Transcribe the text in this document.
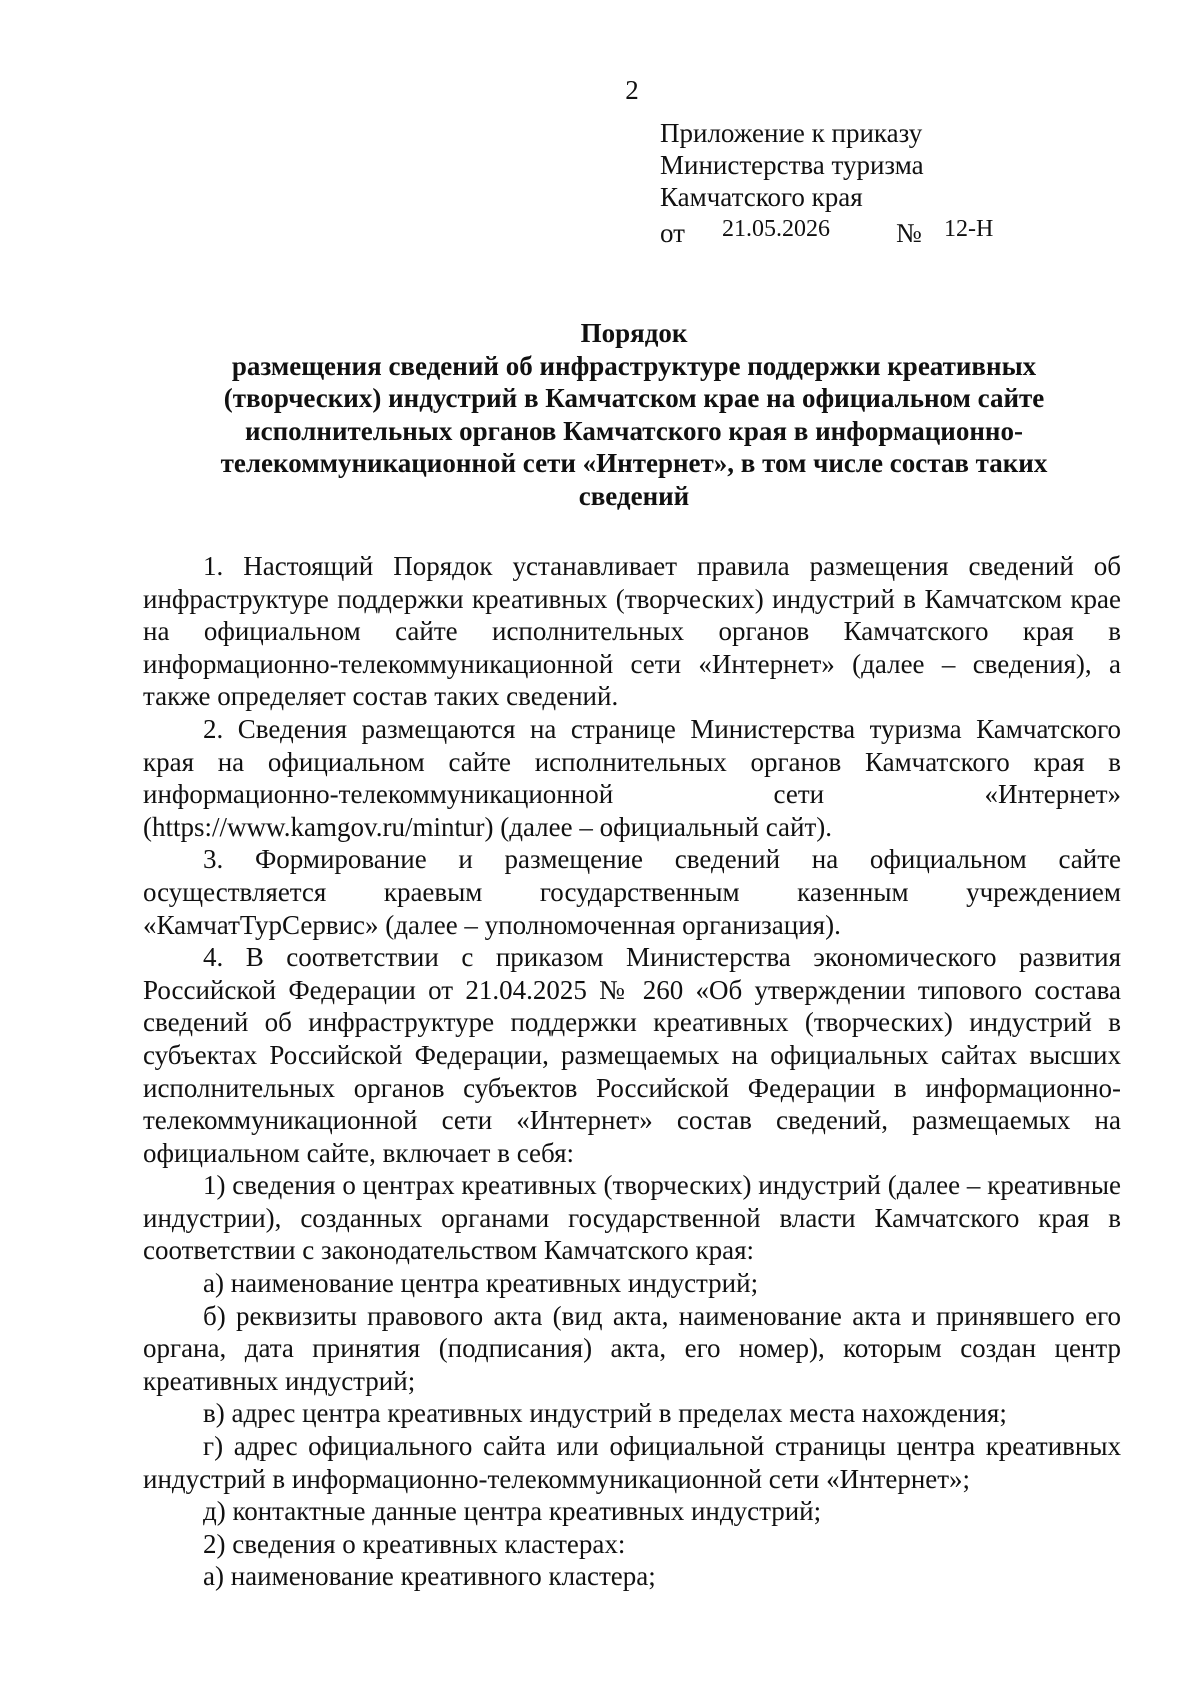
2
Приложение к приказу
Министерства туризма
Камчатского края
от 21.05.2026 № 12-Н
Порядок
размещения сведений об инфраструктуре поддержки креативных
(творческих) индустрий в Камчатском крае на официальном сайте
исполнительных органов Камчатского края в информационно-
телекоммуникационной сети «Интернет», в том числе состав таких
сведений

1. Настоящий Порядок устанавливает правила размещения сведений об инфраструктуре поддержки креативных (творческих) индустрий в Камчатском крае на официальном сайте исполнительных органов Камчатского края в информационно-телекоммуникационной сети «Интернет» (далее – сведения), а также определяет состав таких сведений.

2. Сведения размещаются на странице Министерства туризма Камчатского края на официальном сайте исполнительных органов Камчатского края в информационно-телекоммуникационной сети «Интернет» (https://www.kamgov.ru/mintur) (далее – официальный сайт).

3. Формирование и размещение сведений на официальном сайте осуществляется краевым государственным казенным учреждением «КамчатТурСервис» (далее – уполномоченная организация).

4. В соответствии с приказом Министерства экономического развития Российской Федерации от 21.04.2025 № 260 «Об утверждении типового состава сведений об инфраструктуре поддержки креативных (творческих) индустрий в субъектах Российской Федерации, размещаемых на официальных сайтах высших исполнительных органов субъектов Российской Федерации в информационно-телекоммуникационной сети «Интернет» состав сведений, размещаемых на официальном сайте, включает в себя:

1) сведения о центрах креативных (творческих) индустрий (далее – креативные индустрии), созданных органами государственной власти Камчатского края в соответствии с законодательством Камчатского края:

а) наименование центра креативных индустрий;

б) реквизиты правового акта (вид акта, наименование акта и принявшего его органа, дата принятия (подписания) акта, его номер), которым создан центр креативных индустрий;

в) адрес центра креативных индустрий в пределах места нахождения;

г) адрес официального сайта или официальной страницы центра креативных индустрий в информационно-телекоммуникационной сети «Интернет»;

д) контактные данные центра креативных индустрий;

2) сведения о креативных кластерах:

а) наименование креативного кластера;
